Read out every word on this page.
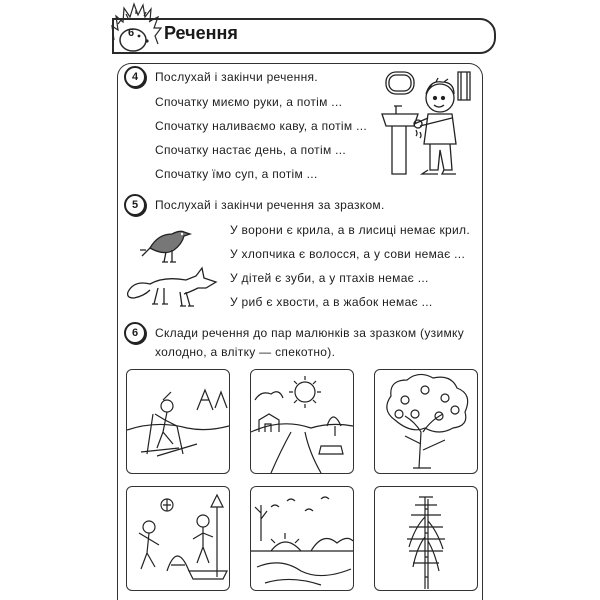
6 Речення
4	Послухай і закінчи речення.
Спочатку миємо руки, а потім ...
Спочатку наливаємо каву, а потім ...
Спочатку настає день, а потім ...
Спочатку їмо суп, а потім ...
5	Послухай і закінчи речення за зразком.
У ворони є крила, а в лисиці немає крил.
У хлопчика є волосся, а у сови немає ...
У дітей є зуби, а у птахів немає ...
У риб є хвости, а в жабок немає ...
6	Склади речення до пар малюнків за зразком (узимку
холодно, а влітку — спекотно).
